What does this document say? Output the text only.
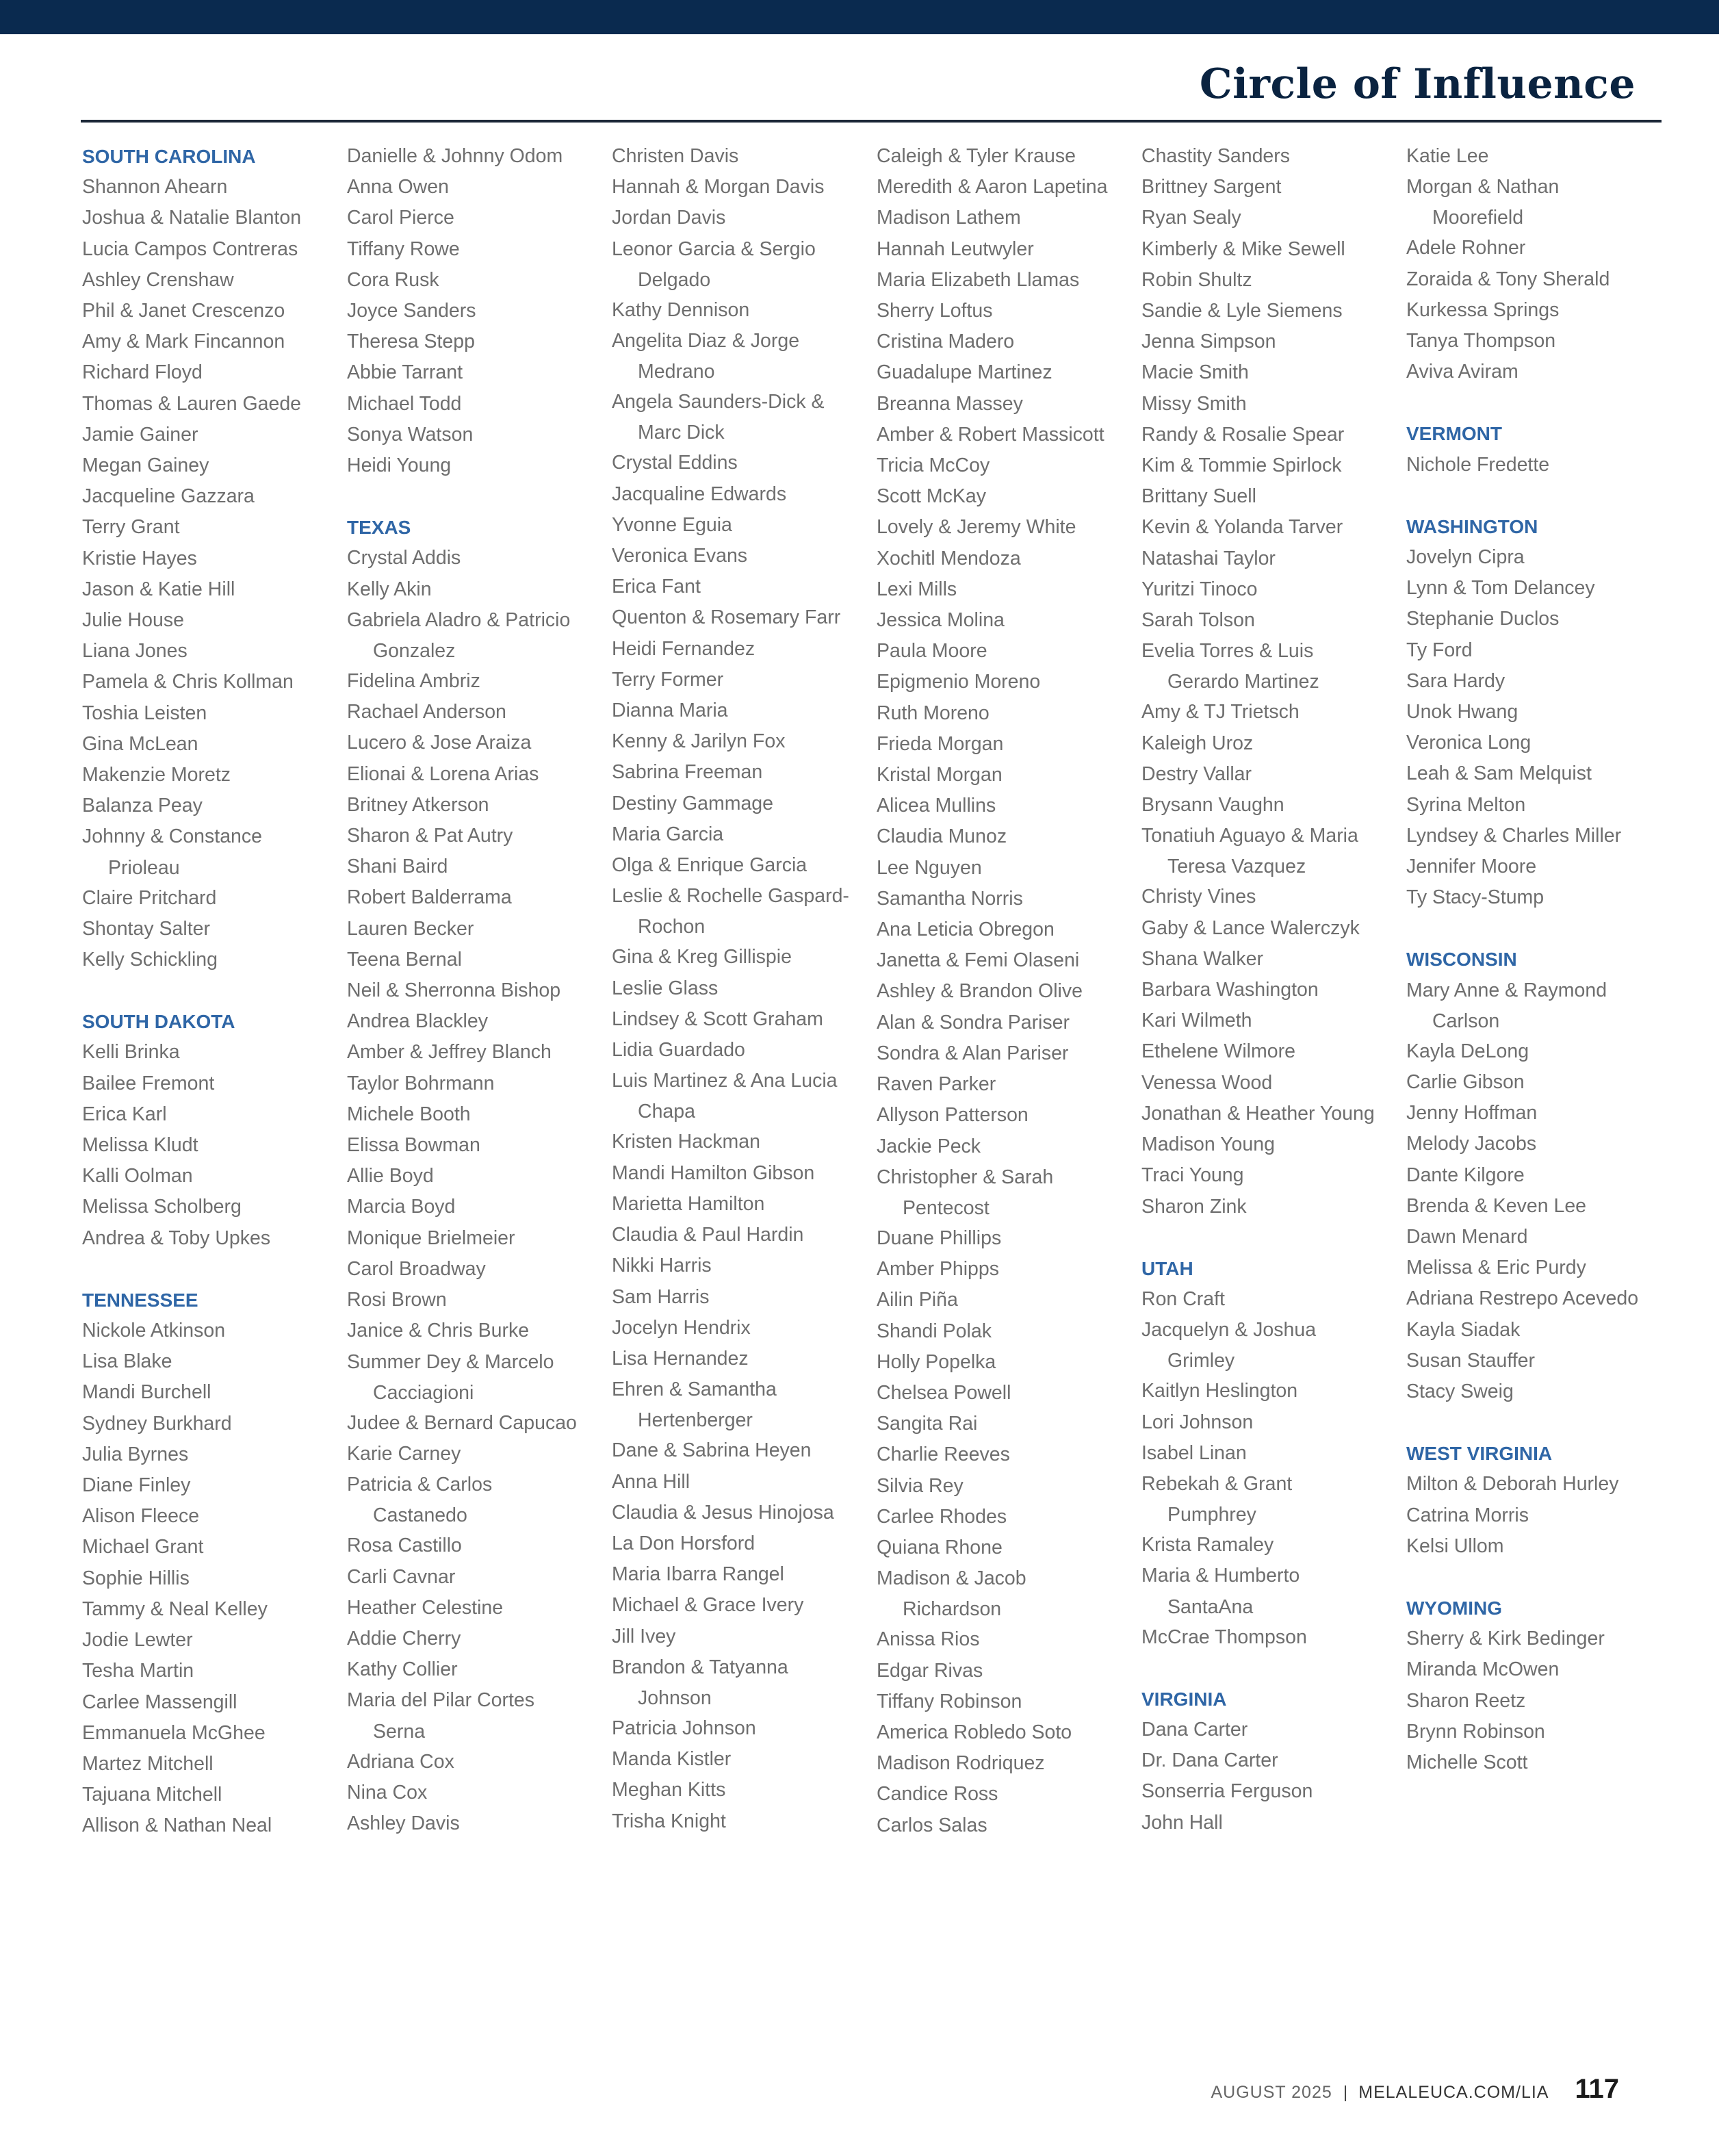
Circle of Influence
SOUTH CAROLINA
Shannon Ahearn
Joshua & Natalie Blanton
Lucia Campos Contreras
Ashley Crenshaw
Phil & Janet Crescenzo
Amy & Mark Fincannon
Richard Floyd
Thomas & Lauren Gaede
Jamie Gainer
Megan Gainey
Jacqueline Gazzara
Terry Grant
Kristie Hayes
Jason & Katie Hill
Julie House
Liana Jones
Pamela & Chris Kollman
Toshia Leisten
Gina McLean
Makenzie Moretz
Balanza Peay
Johnny & Constance
Prioleau
Claire Pritchard
Shontay Salter
Kelly Schickling
SOUTH DAKOTA
Kelli Brinka
Bailee Fremont
Erica Karl
Melissa Kludt
Kalli Oolman
Melissa Scholberg
Andrea & Toby Upkes
TENNESSEE
Nickole Atkinson
Lisa Blake
Mandi Burchell
Sydney Burkhard
Julia Byrnes
Diane Finley
Alison Fleece
Michael Grant
Sophie Hillis
Tammy & Neal Kelley
Jodie Lewter
Tesha Martin
Carlee Massengill
Emmanuela McGhee
Martez Mitchell
Tajuana Mitchell
Allison & Nathan Neal
Danielle & Johnny Odom
Anna Owen
Carol Pierce
Tiffany Rowe
Cora Rusk
Joyce Sanders
Theresa Stepp
Abbie Tarrant
Michael Todd
Sonya Watson
Heidi Young
TEXAS
Crystal Addis
Kelly Akin
Gabriela Aladro & Patricio
Gonzalez
Fidelina Ambriz
Rachael Anderson
Lucero & Jose Araiza
Elionai & Lorena Arias
Britney Atkerson
Sharon & Pat Autry
Shani Baird
Robert Balderrama
Lauren Becker
Teena Bernal
Neil & Sherronna Bishop
Andrea Blackley
Amber & Jeffrey Blanch
Taylor Bohrmann
Michele Booth
Elissa Bowman
Allie Boyd
Marcia Boyd
Monique Brielmeier
Carol Broadway
Rosi Brown
Janice & Chris Burke
Summer Dey & Marcelo
Cacciagioni
Judee & Bernard Capucao
Karie Carney
Patricia & Carlos
Castanedo
Rosa Castillo
Carli Cavnar
Heather Celestine
Addie Cherry
Kathy Collier
Maria del Pilar Cortes
Serna
Adriana Cox
Nina Cox
Ashley Davis
Christen Davis
Hannah & Morgan Davis
Jordan Davis
Leonor Garcia & Sergio
Delgado
Kathy Dennison
Angelita Diaz & Jorge
Medrano
Angela Saunders-Dick &
Marc Dick
Crystal Eddins
Jacqualine Edwards
Yvonne Eguia
Veronica Evans
Erica Fant
Quenton & Rosemary Farr
Heidi Fernandez
Terry Former
Dianna Maria
Kenny & Jarilyn Fox
Sabrina Freeman
Destiny Gammage
Maria Garcia
Olga & Enrique Garcia
Leslie & Rochelle Gaspard-
Rochon
Gina & Kreg Gillispie
Leslie Glass
Lindsey & Scott Graham
Lidia Guardado
Luis Martinez & Ana Lucia
Chapa
Kristen Hackman
Mandi Hamilton Gibson
Marietta Hamilton
Claudia & Paul Hardin
Nikki Harris
Sam Harris
Jocelyn Hendrix
Lisa Hernandez
Ehren & Samantha
Hertenberger
Dane & Sabrina Heyen
Anna Hill
Claudia & Jesus Hinojosa
La Don Horsford
Maria Ibarra Rangel
Michael & Grace Ivery
Jill Ivey
Brandon & Tatyanna
Johnson
Patricia Johnson
Manda Kistler
Meghan Kitts
Trisha Knight
Caleigh & Tyler Krause
Meredith & Aaron Lapetina
Madison Lathem
Hannah Leutwyler
Maria Elizabeth Llamas
Sherry Loftus
Cristina Madero
Guadalupe Martinez
Breanna Massey
Amber & Robert Massicott
Tricia McCoy
Scott McKay
Lovely & Jeremy White
Xochitl Mendoza
Lexi Mills
Jessica Molina
Paula Moore
Epigmenio Moreno
Ruth Moreno
Frieda Morgan
Kristal Morgan
Alicea Mullins
Claudia Munoz
Lee Nguyen
Samantha Norris
Ana Leticia Obregon
Janetta & Femi Olaseni
Ashley & Brandon Olive
Alan & Sondra Pariser
Sondra & Alan Pariser
Raven Parker
Allyson Patterson
Jackie Peck
Christopher & Sarah
Pentecost
Duane Phillips
Amber Phipps
Ailin Piña
Shandi Polak
Holly Popelka
Chelsea Powell
Sangita Rai
Charlie Reeves
Silvia Rey
Carlee Rhodes
Quiana Rhone
Madison & Jacob
Richardson
Anissa Rios
Edgar Rivas
Tiffany Robinson
America Robledo Soto
Madison Rodriquez
Candice Ross
Carlos Salas
Chastity Sanders
Brittney Sargent
Ryan Sealy
Kimberly & Mike Sewell
Robin Shultz
Sandie & Lyle Siemens
Jenna Simpson
Macie Smith
Missy Smith
Randy & Rosalie Spear
Kim & Tommie Spirlock
Brittany Suell
Kevin & Yolanda Tarver
Natashai Taylor
Yuritzi Tinoco
Sarah Tolson
Evelia Torres & Luis
Gerardo Martinez
Amy & TJ Trietsch
Kaleigh Uroz
Destry Vallar
Brysann Vaughn
Tonatiuh Aguayo & Maria
Teresa Vazquez
Christy Vines
Gaby & Lance Walerczyk
Shana Walker
Barbara Washington
Kari Wilmeth
Ethelene Wilmore
Venessa Wood
Jonathan & Heather Young
Madison Young
Traci Young
Sharon Zink
UTAH
Ron Craft
Jacquelyn & Joshua
Grimley
Kaitlyn Heslington
Lori Johnson
Isabel Linan
Rebekah & Grant
Pumphrey
Krista Ramaley
Maria & Humberto
SantaAna
McCrae Thompson
VIRGINIA
Dana Carter
Dr. Dana Carter
Sonserria Ferguson
John Hall
Katie Lee
Morgan & Nathan
Moorefield
Adele Rohner
Zoraida & Tony Sherald
Kurkessa Springs
Tanya Thompson
Aviva Aviram
VERMONT
Nichole Fredette
WASHINGTON
Jovelyn Cipra
Lynn & Tom Delancey
Stephanie Duclos
Ty Ford
Sara Hardy
Unok Hwang
Veronica Long
Leah & Sam Melquist
Syrina Melton
Lyndsey & Charles Miller
Jennifer Moore
Ty Stacy-Stump
WISCONSIN
Mary Anne & Raymond
Carlson
Kayla DeLong
Carlie Gibson
Jenny Hoffman
Melody Jacobs
Dante Kilgore
Brenda & Keven Lee
Dawn Menard
Melissa & Eric Purdy
Adriana Restrepo Acevedo
Kayla Siadak
Susan Stauffer
Stacy Sweig
WEST VIRGINIA
Milton & Deborah Hurley
Catrina Morris
Kelsi Ullom
WYOMING
Sherry & Kirk Bedinger
Miranda McOwen
Sharon Reetz
Brynn Robinson
Michelle Scott
AUGUST 2025 | MELALEUCA.COM/LIA 117
